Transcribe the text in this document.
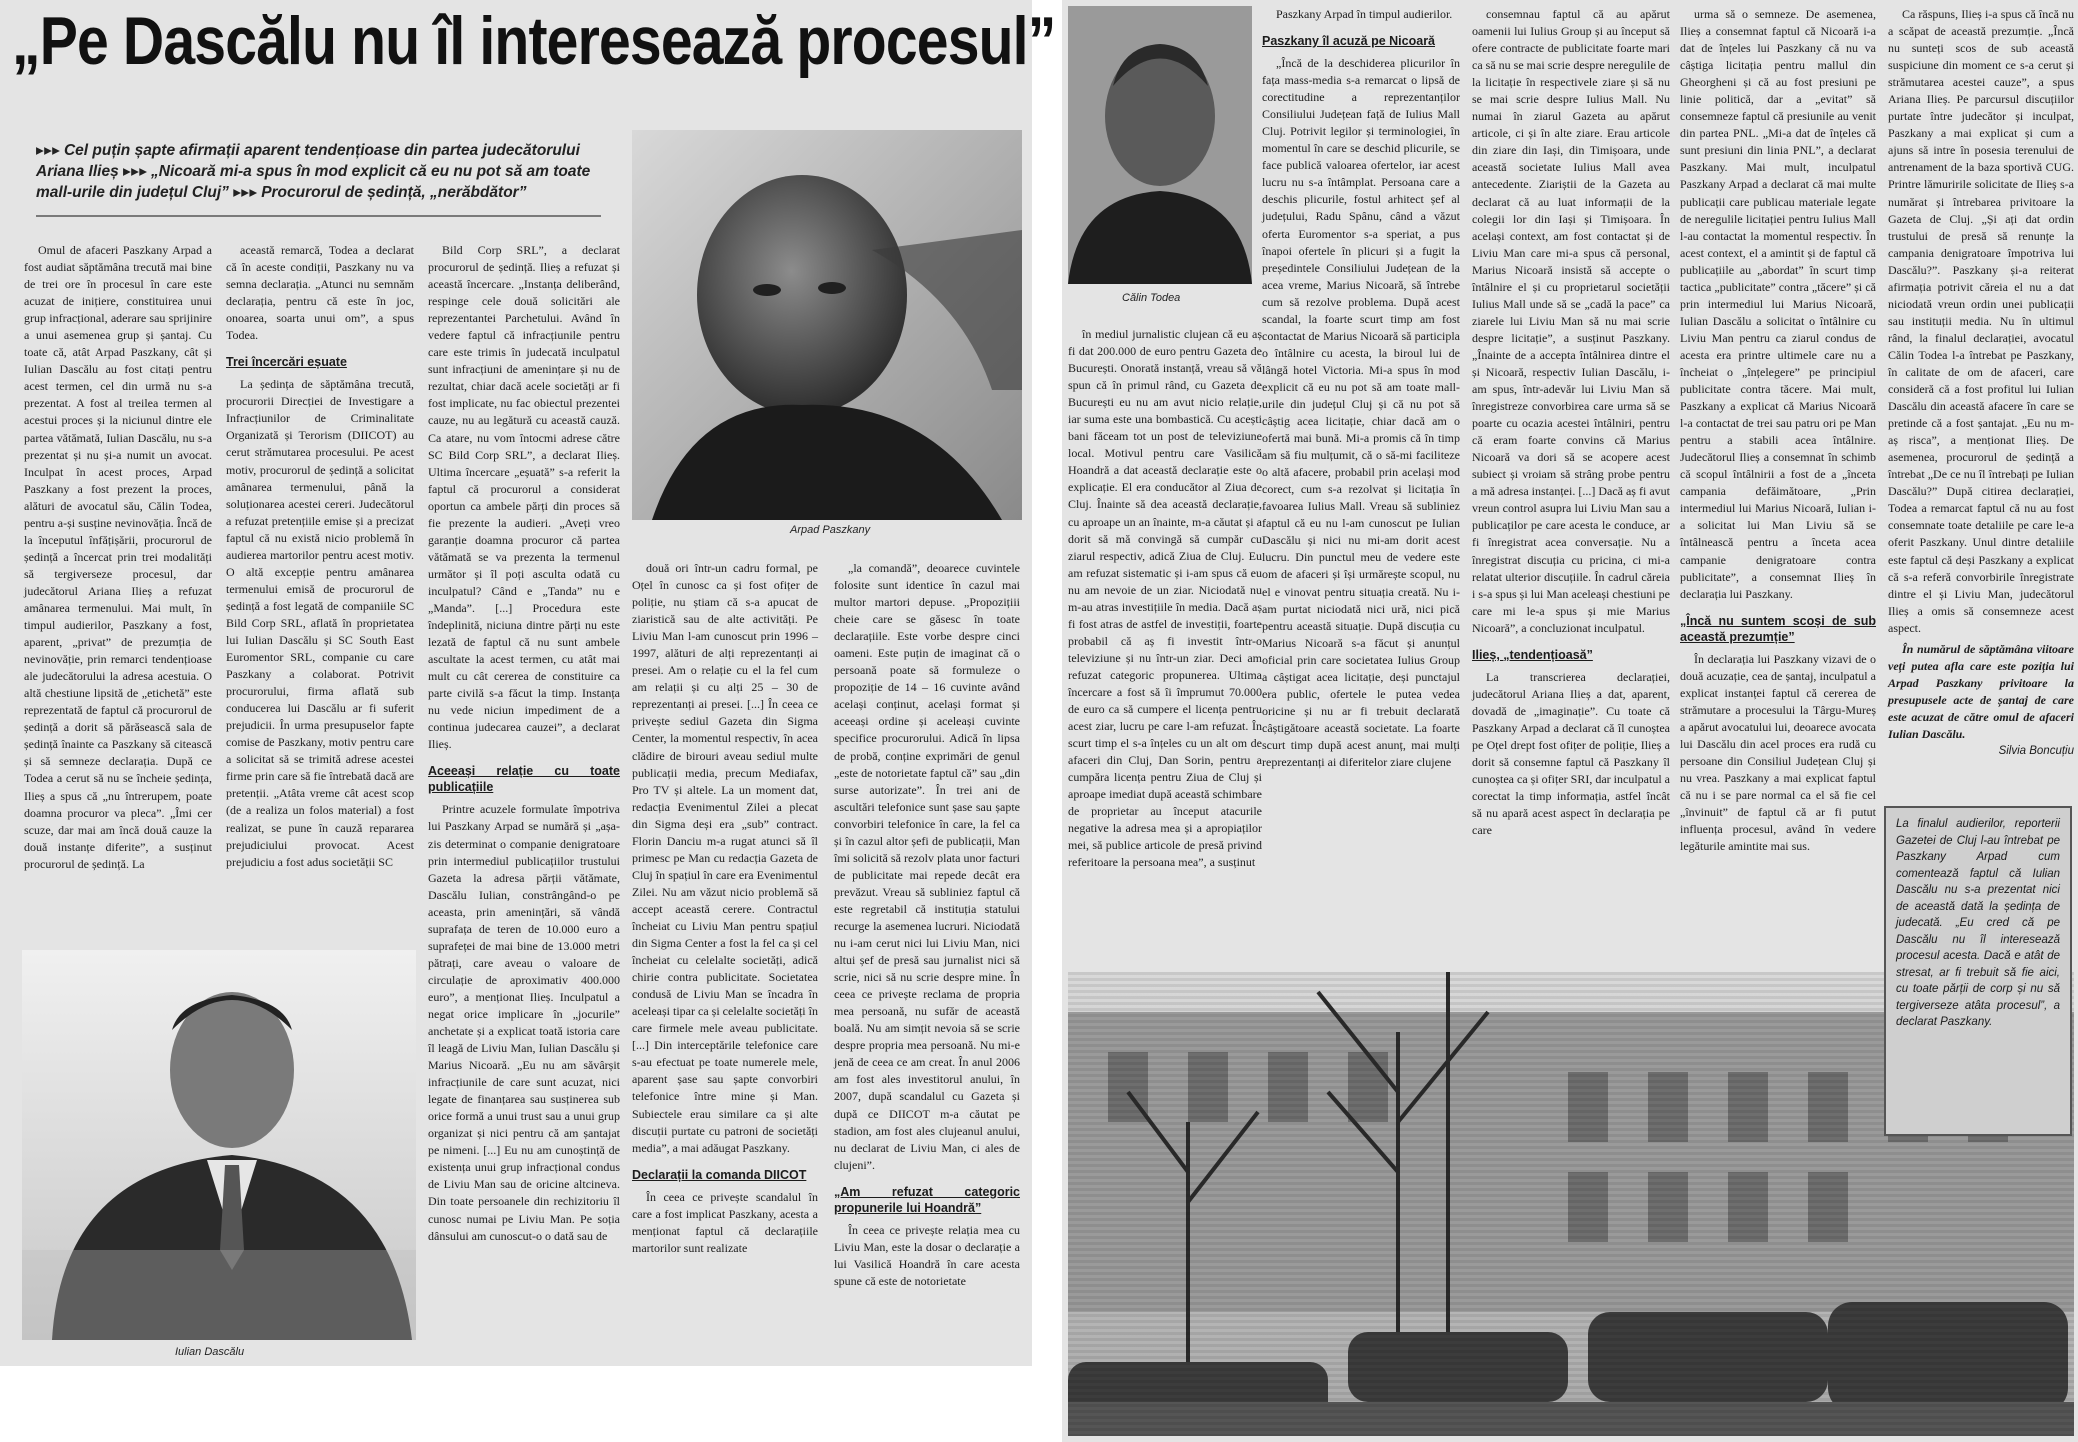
„Pe Dascălu nu îl interesează procesul”
▸ ▸ ▸ Cel puțin șapte afirmații aparent tendențioase din partea judecătorului Ariana Ilieș ▸ ▸ ▸ „Nicoară mi-a spus în mod explicit că eu nu pot să am toate mall-urile din județul Cluj” ▸ ▸ ▸ Procurorul de ședință, „nerăbdător”
Arpad Paszkany
Iulian Dascălu

Omul de afaceri Paszkany Arpad a fost audiat săptămâna trecută mai bine de trei ore în procesul în care este acuzat de inițiere, constituirea unui grup infracțional, aderare sau sprijinire a unui asemenea grup și șantaj. Cu toate că, atât Arpad Paszkany, cât și Iulian Dascălu au fost citați pentru acest termen, cel din urmă nu s-a prezentat. A fost al treilea termen al acestui proces și la niciunul dintre ele partea vătămată, Iulian Dascălu, nu s-a prezentat și nu și-a numit un avocat. Inculpat în acest proces, Arpad Paszkany a fost prezent la proces, alături de avocatul său, Călin Todea, pentru a-și susține nevinovăția. Încă de la începutul înfățișării, procurorul de ședință a încercat prin trei modalități să tergiverseze procesul, dar judecătorul Ariana Ilieș a refuzat amânarea termenului. Mai mult, în timpul audierilor, Paszkany a fost, aparent, „privat” de prezumția de nevinovăție, prin remarci tendențioase ale judecătorului la adresa acestuia. O altă chestiune lipsită de „etichetă” este reprezentată de faptul că procurorul de ședință a dorit să părăsească sala de ședință înainte ca Paszkany să citească și să semneze declarația. După ce Todea a cerut să nu se încheie ședința, Ilieș a spus că „nu întrerupem, poate doamna procuror va pleca”. „Îmi cer scuze, dar mai am încă două cauze la două instanțe diferite”, a susținut procurorul de ședință. La

această remarcă, Todea a declarat că în aceste condiții, Paszkany nu va semna declarația. „Atunci nu semnăm declarația, pentru că este în joc, onoarea, soarta unui om”, a spus Todea.

Trei încercări eșuate

La ședința de săptămâna trecută, procurorii Direcției de Investigare a Infracțiunilor de Criminalitate Organizată și Terorism (DIICOT) au cerut strămutarea procesului. Pe acest motiv, procurorul de ședință a solicitat amânarea termenului, până la soluționarea acestei cereri. Judecătorul a refuzat pretențiile emise și a precizat faptul că nu există niciо problemă în audierea martorilor pentru acest motiv. O altă excepție pentru amânarea termenului emisă de procurorul de ședință a fost legată de companiile SC Bild Corp SRL, aflată în proprietatea lui Iulian Dascălu și SC South East Euromentor SRL, companie cu care Paszkany a colaborat. Potrivit procurorului, firma aflată sub conducerea lui Dascălu ar fi suferit prejudicii. În urma presupuselor fapte comise de Paszkany, motiv pentru care a solicitat să se trimită adrese acestei firme prin care să fie întrebată dacă are pretenții. „Atâta vreme cât acest scop (de a realiza un folos material) a fost realizat, se pune în cauză repararea prejudiciului provocat. Acest prejudiciu a fost adus societății SC

Bild Corp SRL”, a declarat procurorul de ședință. Ilieș a refuzat și această încercare. „Instanța deliberând, respinge cele două solicitări ale reprezentantei Parchetului. Având în vedere faptul că infracțiunile pentru care este trimis în judecată inculpatul sunt infracțiuni de amenințare și nu de rezultat, chiar dacă acele societăți ar fi fost implicate, nu fac obiectul prezentei cauze, nu au legătură cu această cauză. Ca atare, nu vom întocmi adrese către SC Bild Corp SRL”, a declarat Ilieș. Ultima încercare „eșuată” s-a referit la faptul că procurorul a considerat oportun ca ambele părți din proces să fie prezente la audieri. „Aveți vreo garanție doamna procuror că partea vătămată se va prezenta la termenul următor și îl poți asculta odată cu inculpatul? Când e „Tanda” nu e „Manda”. [...] Procedura este îndeplinită, niciuna dintre părți nu este lezată de faptul că nu sunt ambele ascultate la acest termen, cu atât mai mult cu cât cererea de constituire ca parte civilă s-a făcut la timp. Instanța nu vede niciun impediment de a continua judecarea cauzei”, a declarat Ilieș.

Aceeași relație cu toate publicațiile

Printre acuzele formulate împotriva lui Paszkany Arpad se numără și „așa-zis determinat o companie denigratoare prin intermediul publicațiilor trustului Gazeta la adresa părții vătămate, Dascălu Iulian, constrângând-o pe aceasta, prin amenințări, să vândă suprafața de teren de 10.000 euro a suprafeței de mai bine de 13.000 metri pătrați, care aveau o valoare de circulație de aproximativ 400.000 euro”, a menționat Ilieș. Inculpatul a negat orice implicare în „jocurile” anchetate și a explicat toată istoria care îl leagă de Liviu Man, Iulian Dascălu și Marius Nicoară. „Eu nu am săvârșit infracțiunile de care sunt acuzat, nici legate de finanțarea sau susținerea sub orice formă a unui trust sau a unui grup organizat și nici pentru că am șantajat pe nimeni. [...] Eu nu am cunoștință de existența unui grup infracțional condus de Liviu Man sau de oricine altcineva. Din toate persoanele din rechizitoriu îl cunosc numai pe Liviu Man. Pe soția dânsului am cunoscut-o o dată sau de

două ori într-un cadru formal, pe Oțel în cunosc ca și fost ofițer de poliție, nu știam că s-a apucat de ziaristică sau de alte activități. Pe Liviu Man l-am cunoscut prin 1996 – 1997, alături de alți reprezentanți ai presei. Am o relație cu el la fel cum am relații și cu alți 25 – 30 de reprezentanți ai presei. [...] În ceea ce privește sediul Gazeta din Sigma Center, la momentul respectiv, în acea clădire de birouri aveau sediul multe publicații media, precum Mediafax, Pro TV și altele. La un moment dat, redacția Evenimentul Zilei a plecat din Sigma deși era „sub” contract. Florin Danciu m-a rugat atunci să îl primesc pe Man cu redacția Gazeta de Cluj în spațiul în care era Evenimentul Zilei. Nu am văzut nicio problemă să accept această cerere. Contractul încheiat cu Liviu Man pentru spațiul din Sigma Center a fost la fel ca și cel încheiat cu celelalte societăți, adică chirie contra publicitate. Societatea condusă de Liviu Man se încadra în aceleași tipar ca și celelalte societăți în care firmele mele aveau publicitate. [...] Din interceptările telefonice care s-au efectuat pe toate numerele mele, aparent șase sau șapte convorbiri telefonice între mine și Man. Subiectele erau similare ca și alte discuții purtate cu patroni de societăți media”, a mai adăugat Paszkany.

Declarații la comanda DIICOT

În ceea ce privește scandalul în care a fost implicat Paszkany, acesta a menționat faptul că declarațiile martorilor sunt realizate

„la comandă”, deoarece cuvintele folosite sunt identice în cazul mai multor martori depuse. „Propozițiii cheie care se găsesc în toate declarațiile. Este vorbe despre cinci oameni. Este puțin de imaginat că o persoană poate să formuleze o propoziție de 14 – 16 cuvinte având același conținut, același format și aceeași ordine și aceleași cuvinte specifice procurorului. Adică în lipsa de probă, conține exprimări de genul „este de notorietate faptul că” sau „din surse autorizate”. În trei ani de ascultări telefonice sunt șase sau șapte convorbiri telefonice în care, la fel ca și în cazul altor șefi de publicații, Man îmi solicită să rezolv plata unor facturi de publicitate mai repede decât era prevăzut. Vreau să subliniez faptul că este regretabil că instituția statului recurge la asemenea lucruri. Niciodată nu i-am cerut nici lui Liviu Man, nici altui șef de presă sau jurnalist nici să scrie, nici să nu scrie despre mine. În ceea ce privește reclama de propria mea persoană, nu sufăr de această boală. Nu am simțit nevoia să se scrie despre propria mea persoană. Nu mi-e jenă de ceea ce am creat. În anul 2006 am fost ales investitorul anului, în 2007, după scandalul cu Gazeta și după ce DIICOT m-a căutat pe stadion, am fost ales clujeanul anului, nu declarat de Liviu Man, ci ales de clujeni”.

„Am refuzat categoric propunerile lui Hoandră”

În ceea ce privește relația mea cu Liviu Man, este la dosar o declarație a lui Vasilică Hoandră în care acesta spune că este de notorietate

Călin Todea

Paszkany Arpad în timpul audierilor.

Paszkany îl acuză pe Nicoară

„Încă de la deschiderea plicurilor în fața mass-media s-a remarcat o lipsă de corectitudine a reprezentanților Consiliului Județean față de Iulius Mall Cluj. Potrivit legilor și terminologiei, în momentul în care se deschid plicurile, se face publică valoarea ofertelor, iar acest lucru nu s-a întâmplat. Persoana care a deschis plicurile, fostul arhitect șef al județului, Radu Spânu, când a văzut oferta Euromentor s-a speriat, a pus înapoi ofertele în plicuri și a fugit la președintele Consiliului Județean de la acea vreme, Marius Nicoară, să întrebe cum să rezolve problema. După acest scandal, la foarte scurt timp am fost contactat de Marius Nicoară să participla o întâlnire cu acesta, la biroul lui de lângă hotel Victoria. Mi-a spus în mod explicit că eu nu pot să am toate mall-urile din județul Cluj și că nu pot să câștig acea licitație, chiar dacă am o ofertă mai bună. Mi-a promis că în timp am să fiu mulțumit, că o să-mi faciliteze o altă afacere, probabil prin același mod corect, cum s-a rezolvat și licitația în favoarea Iulius Mall. Vreau să subliniez faptul că eu nu l-am cunoscut pe Iulian Dascălu și nici nu mi-am dorit acest lucru. Din punctul meu de vedere este om de afaceri și își urmărește scopul, nu el e vinovat pentru situația creată. Nu i-am purtat niciodată nici ură, nici pică pentru această situație. După discuția cu Marius Nicoară s-a făcut și anunțul oficial prin care societatea Iulius Group a câștigat acea licitație, deși punctajul era public, ofertele le puteа vedea oricine și nu ar fi trebuit declarată câștigătoare această societate. La foarte scurt timp după acest anunț, mai mulți reprezentanți ai diferitelor ziare clujene

în mediul jurnalistic clujean că eu aș fi dat 200.000 de euro pentru Gazeta de București. Onorată instanță, vreau să vă spun că în primul rând, cu Gazeta de București eu nu am avut nicio relație, iar suma este una bombastică. Cu acești bani făceam tot un post de televiziune local. Motivul pentru care Vasilică Hoandră a dat această declarație este o explicație. El era conducător al Ziua de Cluj. Înainte să dea această declarație, cu aproape un an înainte, m-a căutat și a dorit să mă convingă să cumpăr cu ziarul respectiv, adică Ziua de Cluj. Eu am refuzat sistematic și i-am spus că eu nu am nevoie de un ziar. Niciodată nu m-au atras investițiile în media. Dacă aș fi fost atras de astfel de investiții, foarte probabil că aș fi investit într-o televiziune și nu într-un ziar. Deci am refuzat categoric propunerea. Ultima încercare a fost să îi împrumut 70.000 de euro ca să cumpere el licența pentru acest ziar, lucru pe care l-am refuzat. În scurt timp el s-a înțeles cu un alt om de afaceri din Cluj, Dan Sorin, pentru a cumpăra licența pentru Ziua de Cluj și aproape imediat după această schimbare de proprietar au început atacurile negative la adresa mea și a apropiaților mei, să publice articole de presă privind referitoare la persoana mea”, a susținut

consemnau faptul că au apărut oamenii lui Iulius Group și au început să ofere contracte de publicitate foarte mari ca să nu se mai scrie despre neregulile de la licitație în respectivele ziare și să nu se mai scrie despre Iulius Mall. Nu numai în ziarul Gazeta au apărut articole, ci și în alte ziare. Erau articole din ziare din Iași, din Timișoara, unde această societate Iulius Mall avea antecedente. Ziariștii de la Gazeta au declarat că au luat informații de la colegii lor din Iași și Timișoara. În același context, am fost contactat și de Liviu Man care mi-a spus că personal, Marius Nicoară insistă să accepte o întâlnire el și cu proprietarul societății Iulius Mall unde să se „cadă la pace” ca ziarele lui Liviu Man să nu mai scrie despre licitație”, a susținut Paszkany. „Înainte de a accepta întâlnirea dintre el și Nicoară, respectiv Iulian Dascălu, i-am spus, într-adevăr lui Liviu Man să înregistreze convorbirea care urma să se poarte cu ocazia acestei întâlniri, pentru că eram foarte convins că Marius Nicoară va dori să se acopere acest subiect și vroiam să strâng probe pentru a mă adresa instanței. [...] Dacă aș fi avut vreun control asupra lui Liviu Man sau a publicaților pe care acesta le conduce, ar fi înregistrat acea conversație. Nu a înregistrat discuția cu pricina, ci mi-a relatat ulterior discuțiile. În cadrul căreia i s-a spus și lui Man aceleași chestiuni pe care mi le-a spus și mie Marius Nicoară”, a concluzionat inculpatul.

Ilieș, „tendențioasă”

La transcrierea declarației, judecătorul Ariana Ilieș a dat, aparent, dovadă de „imaginație”. Cu toate că Paszkany Arpad a declarat că îl cunoștea pe Oțel drept fost ofițer de poliție, Ilieș a dorit să consemne faptul că Paszkany îl cunoștea ca și ofițer SRI, dar inculpatul a corectat la timp informația, astfel încât să nu apară acest aspect în declarația pe care

urma să o semneze. De asemenea, Ilieș a consemnat faptul că Nicoară i-a dat de înțeles lui Paszkany că nu va câștiga licitația pentru mallul din Gheorgheni și că au fost presiuni pe linie politică, dar a „evitat” să consemneze faptul că presiunile au venit din partea PNL. „Mi-a dat de înțeles că sunt presiuni din linia PNL”, a declarat Paszkany. Mai mult, inculpatul Paszkany Arpad a declarat că mai multe publicații care publicau materiale legate de neregulile licitației pentru Iulius Mall l-au contactat la momentul respectiv. În acest context, el a amintit și de faptul că publicațiile au „abordat” în scurt timp tactica „publicitate” contra „tăcere” și că prin intermediul lui Marius Nicoară, Iulian Dascălu a solicitat o întâlnire cu Liviu Man pentru ca ziarul condus de acesta era printre ultimele care nu a încheiat o „înțelegere” pe principiul publicitate contra tăcere. Mai mult, Paszkany a explicat că Marius Nicoară l-a contactat de trei sau patru ori pe Man pentru a stabili acea întâlnire. Judecătorul Ilieș a consemnat în schimb că scopul întâlnirii a fost de a „înceta campania defăimătoare, „Prin intermediul lui Marius Nicoară, Iulian i-a solicitat lui Man Liviu să se întâlnească pentru a înceta acea campanie denigratoare contra publicitate”, a consemnat Ilieș în declarația lui Paszkany.

„Încă nu suntem scoși de sub această prezumție”

În declarația lui Paszkany vizavi de o două acuzație, cea de șantaj, inculpatul a explicat instanței faptul că cererea de strămutare a procesului la Târgu-Mureș a apărut avocatului lui, deoarece avocata lui Dascălu din acel proces era rudă cu persoane din Consiliul Județean Cluj și nu vrea. Paszkany a mai explicat faptul că nu i se pare normal ca el să fie cel „învinuit” de faptul că ar fi putut influența procesul, având în vedere legăturile amintite mai sus.

Ca răspuns, Ilieș i-a spus că încă nu a scăpat de această prezumție. „Încă nu sunteți scos de sub această suspiciune din moment ce s-a cerut și strămutarea acestei cauze”, a spus Ariana Ilieș. Pe parcursul discuțiilor purtate între judecător și inculpat, Paszkany a mai explicat și cum a ajuns să intre în posesia terenului de antrenament de la baza sportivă CUG. Printre lămuririle solicitate de Ilieș s-a numărat și întrebarea privitoare la Gazeta de Cluj. „Și ați dat ordin trustului de presă să renunțe la campania denigratoare împotriva lui Dascălu?”. Paszkany și-a reiterat afirmația potrivit căreia el nu a dat niciodată vreun ordin unei publicații sau instituții media. Nu în ultimul rând, la finalul declarației, avocatul Călin Todea l-a întrebat pe Paszkany, în calitate de om de afaceri, care consideră că a fost profitul lui Iulian Dascălu din această afacere în care se pretinde că a fost șantajat. „Eu nu m-aș risca”, a menționat Ilieș. De asemenea, procurorul de ședință a întrebat „De ce nu îl întrebați pe Iulian Dascălu?” După citirea declarației, Todea a remarcat faptul că nu au fost consemnate toate detaliile pe care le-a oferit Paszkany. Unul dintre detaliile este faptul că deși Paszkany a explicat că s-a referă convorbirile înregistrate dintre el și Liviu Man, judecătorul Ilieș a omis să consemneze acest aspect.

În numărul de săptămâna viitoare veți putea afla care este poziția lui Arpad Paszkany privitoare la presupusele acte de șantaj de care este acuzat de către omul de afaceri Iulian Dascălu.

Silvia Boncuțiu

La finalul audierilor, reporterii Gazetei de Cluj l-au întrebat pe Paszkany Arpad cum comentează faptul că Iulian Dascălu nu s-a prezentat nici de această dată la ședința de judecată. „Eu cred că pe Dascălu nu îl interesează procesul acesta. Dacă e atât de stresat, ar fi trebuit să fie aici, cu toate părții de corp și nu să tergiverseze atâta procesul”, a declarat Paszkany.
